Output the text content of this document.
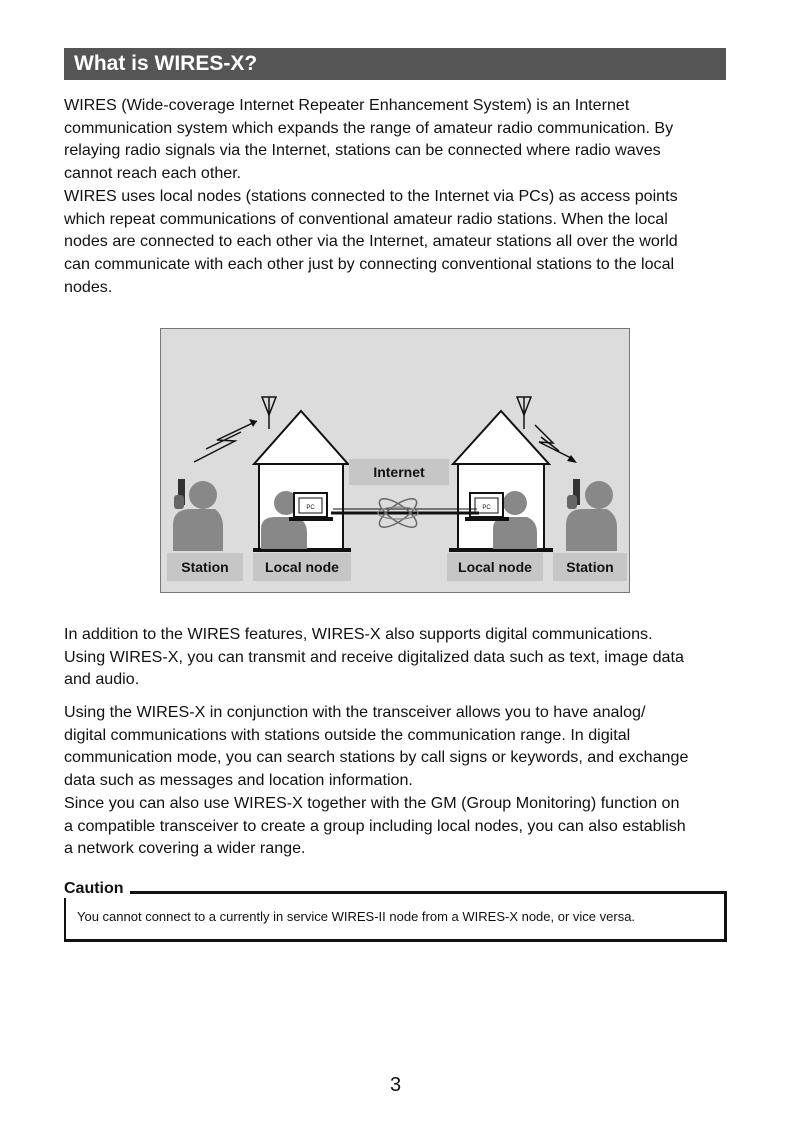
What is WIRES-X?
WIRES (Wide-coverage Internet Repeater Enhancement System) is an Internet
communication system which expands the range of amateur radio communication. By
relaying radio signals via the Internet, stations can be connected where radio waves
cannot reach each other.
WIRES uses local nodes (stations connected to the Internet via PCs) as access points
which repeat communications of conventional amateur radio stations. When the local
nodes are connected to each other via the Internet, amateur stations all over the world
can communicate with each other just by connecting conventional stations to the local
nodes.
PC	PC
Internet
Station	Local node	Local node	Station
In addition to the WIRES features, WIRES-X also supports digital communications.
Using WIRES-X, you can transmit and receive digitalized data such as text, image data
and audio.
Using the WIRES-X in conjunction with the transceiver allows you to have analog/
digital communications with stations outside the communication range. In digital
communication mode, you can search stations by call signs or keywords, and exchange
data such as messages and location information.
Since you can also use WIRES-X together with the GM (Group Monitoring) function on
a compatible transceiver to create a group including local nodes, you can also establish
a network covering a wider range.
Caution
You cannot connect to a currently in service WIRES-II node from a WIRES-X node, or vice versa.
3
